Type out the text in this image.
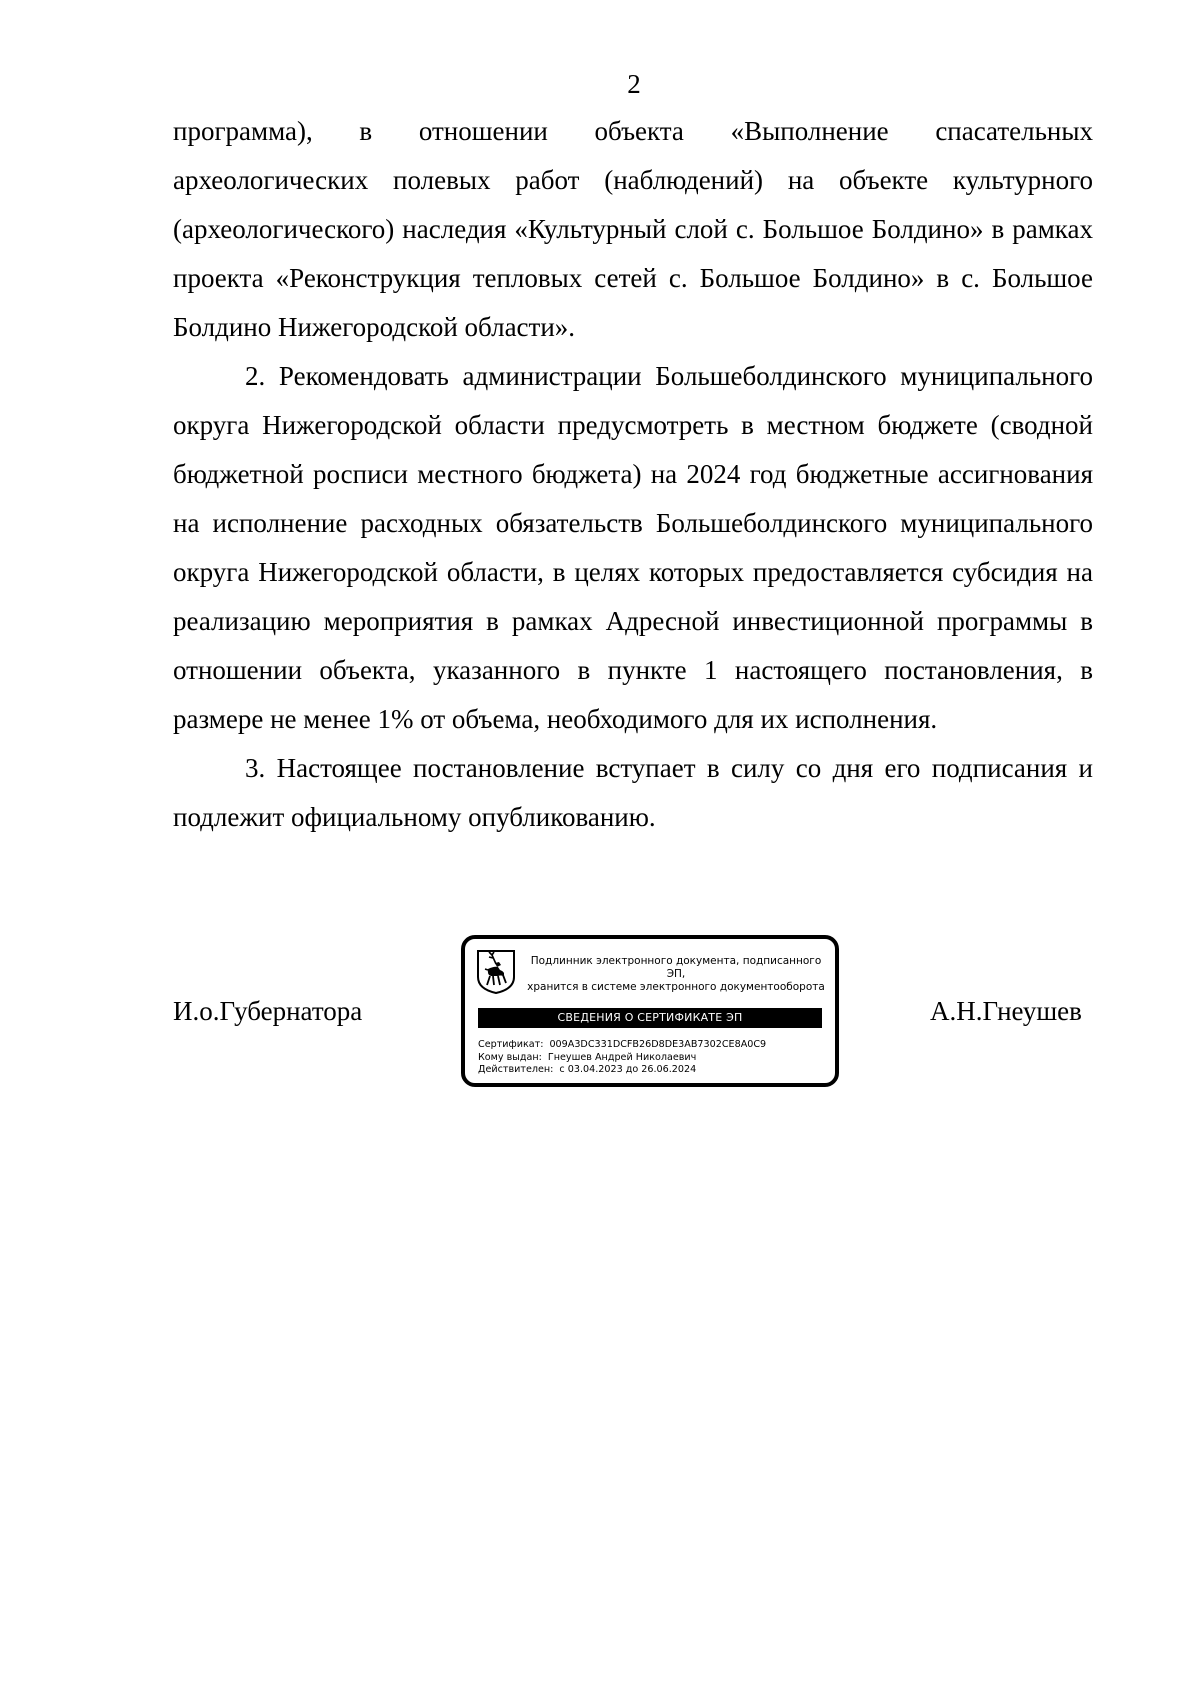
2

программа), в отношении объекта «Выполнение спасательных археологических полевых работ (наблюдений) на объекте культурного (археологического) наследия «Культурный слой с. Большое Болдино» в рамках проекта «Реконструкция тепловых сетей с. Большое Болдино» в с. Большое Болдино Нижегородской области».

2. Рекомендовать администрации Большеболдинского муниципального округа Нижегородской области предусмотреть в местном бюджете (сводной бюджетной росписи местного бюджета) на 2024 год бюджетные ассигнования на исполнение расходных обязательств Большеболдинского муниципального округа Нижегородской области, в целях которых предоставляется субсидия на реализацию мероприятия в рамках Адресной инвестиционной программы в отношении объекта, указанного в пункте 1 настоящего постановления, в размере не менее 1% от объема, необходимого для их исполнения.

3. Настоящее постановление вступает в силу со дня его подписания и подлежит официальному опубликованию.

И.о.Губернатора	А.Н.Гнеушев
Подлинник электронного документа, подписанного ЭП,
хранится в системе электронного документооборота
СВЕДЕНИЯ О СЕРТИФИКАТЕ ЭП
Сертификат: 009A3DC331DCFB26D8DE3AB7302CE8A0C9
Кому выдан: Гнеушев Андрей Николаевич
Действителен: с 03.04.2023 до 26.06.2024
